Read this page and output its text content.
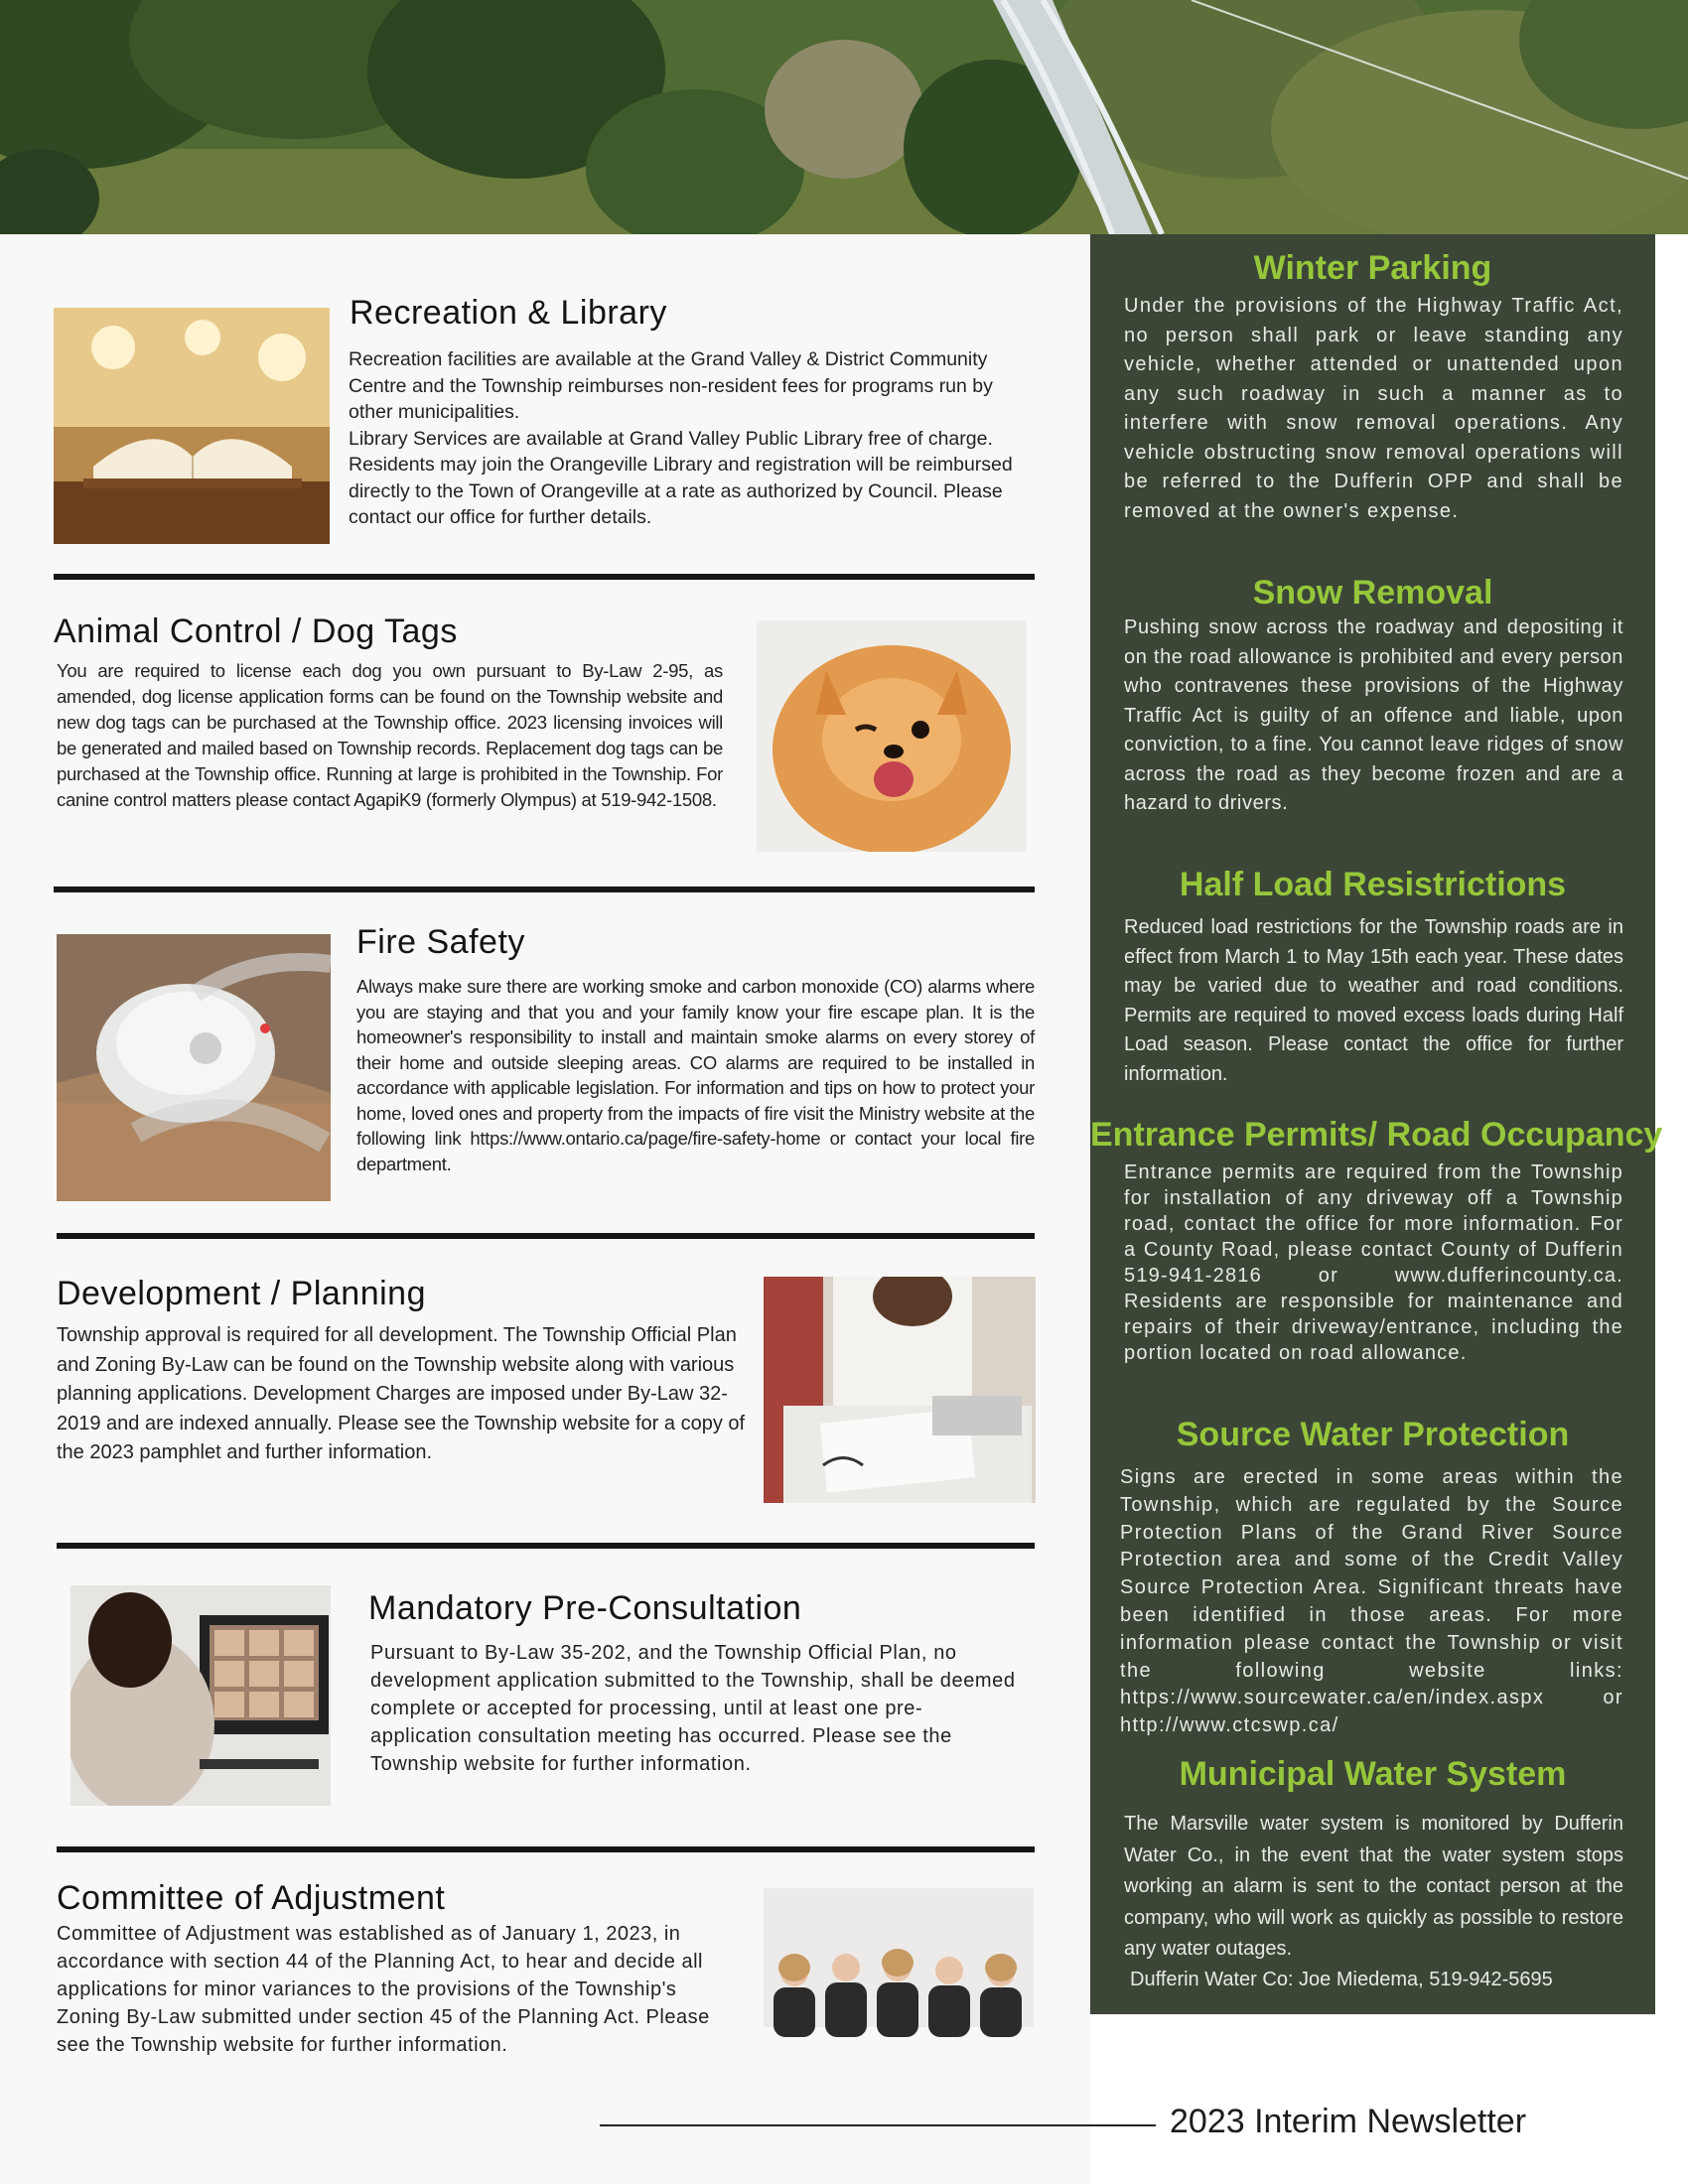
Recreation & Library

Recreation facilities are available at the Grand Valley & District Community Centre and the Township reimburses non-resident fees for programs run by other municipalities.
Library Services are available at Grand Valley Public Library free of charge. Residents may join the Orangeville Library and registration will be reimbursed directly to the Town of Orangeville at a rate as authorized by Council. Please contact our office for further details.

Animal Control / Dog Tags

You are required to license each dog you own pursuant to By-Law 2-95, as amended, dog license application forms can be found on the Township website and new dog tags can be purchased at the Township office. 2023 licensing invoices will be generated and mailed based on Township records. Replacement dog tags can be purchased at the Township office. Running at large is prohibited in the Township. For canine control matters please contact AgapiK9 (formerly Olympus) at 519-942-1508.

Fire Safety

Always make sure there are working smoke and carbon monoxide (CO) alarms where you are staying and that you and your family know your fire escape plan. It is the homeowner's responsibility to install and maintain smoke alarms on every storey of their home and outside sleeping areas. CO alarms are required to be installed in accordance with applicable legislation. For information and tips on how to protect your home, loved ones and property from the impacts of fire visit the Ministry website at the following link https://www.ontario.ca/page/fire-safety-home or contact your local fire department.

Development / Planning

Township approval is required for all development. The Township Official Plan and Zoning By-Law can be found on the Township website along with various planning applications. Development Charges are imposed under By-Law 32-2019 and are indexed annually. Please see the Township website for a copy of the 2023 pamphlet and further information.

Mandatory Pre-Consultation

Pursuant to By-Law 35-202, and the Township Official Plan, no development application submitted to the Township, shall be deemed complete or accepted for processing, until at least one pre-application consultation meeting has occurred. Please see the Township website for further information.

Committee of Adjustment

Committee of Adjustment was established as of January 1, 2023, in accordance with section 44 of the Planning Act, to hear and decide all applications for minor variances to the provisions of the Township's Zoning By-Law submitted under section 45 of the Planning Act. Please see the Township website for further information.

Winter Parking

Under the provisions of the Highway Traffic Act, no person shall park or leave standing any vehicle, whether attended or unattended upon any such roadway in such a manner as to interfere with snow removal operations. Any vehicle obstructing snow removal operations will be referred to the Dufferin OPP and shall be removed at the owner's expense.

Snow Removal

Pushing snow across the roadway and depositing it on the road allowance is prohibited and every person who contravenes these provisions of the Highway Traffic Act is guilty of an offence and liable, upon conviction, to a fine. You cannot leave ridges of snow across the road as they become frozen and are a hazard to drivers.

Half Load Resistrictions

Reduced load restrictions for the Township roads are in effect from March 1 to May 15th each year. These dates may be varied due to weather and road conditions. Permits are required to moved excess loads during Half Load season. Please contact the office for further information.

Entrance Permits/ Road Occupancy

Entrance permits are required from the Township for installation of any driveway off a Township road, contact the office for more information. For a County Road, please contact County of Dufferin 519-941-2816 or www.dufferincounty.ca. Residents are responsible for maintenance and repairs of their driveway/entrance, including the portion located on road allowance.

Source Water Protection

Signs are erected in some areas within the Township, which are regulated by the Source Protection Plans of the Grand River Source Protection area and some of the Credit Valley Source Protection Area. Significant threats have been identified in those areas. For more information please contact the Township or visit the following website links: https://www.sourcewater.ca/en/index.aspx or http://www.ctcswp.ca/

Municipal Water System

The Marsville water system is monitored by Dufferin Water Co., in the event that the water system stops working an alarm is sent to the contact person at the company, who will work as quickly as possible to restore any water outages.

Dufferin Water Co: Joe Miedema, 519-942-5695

2023 Interim Newsletter
